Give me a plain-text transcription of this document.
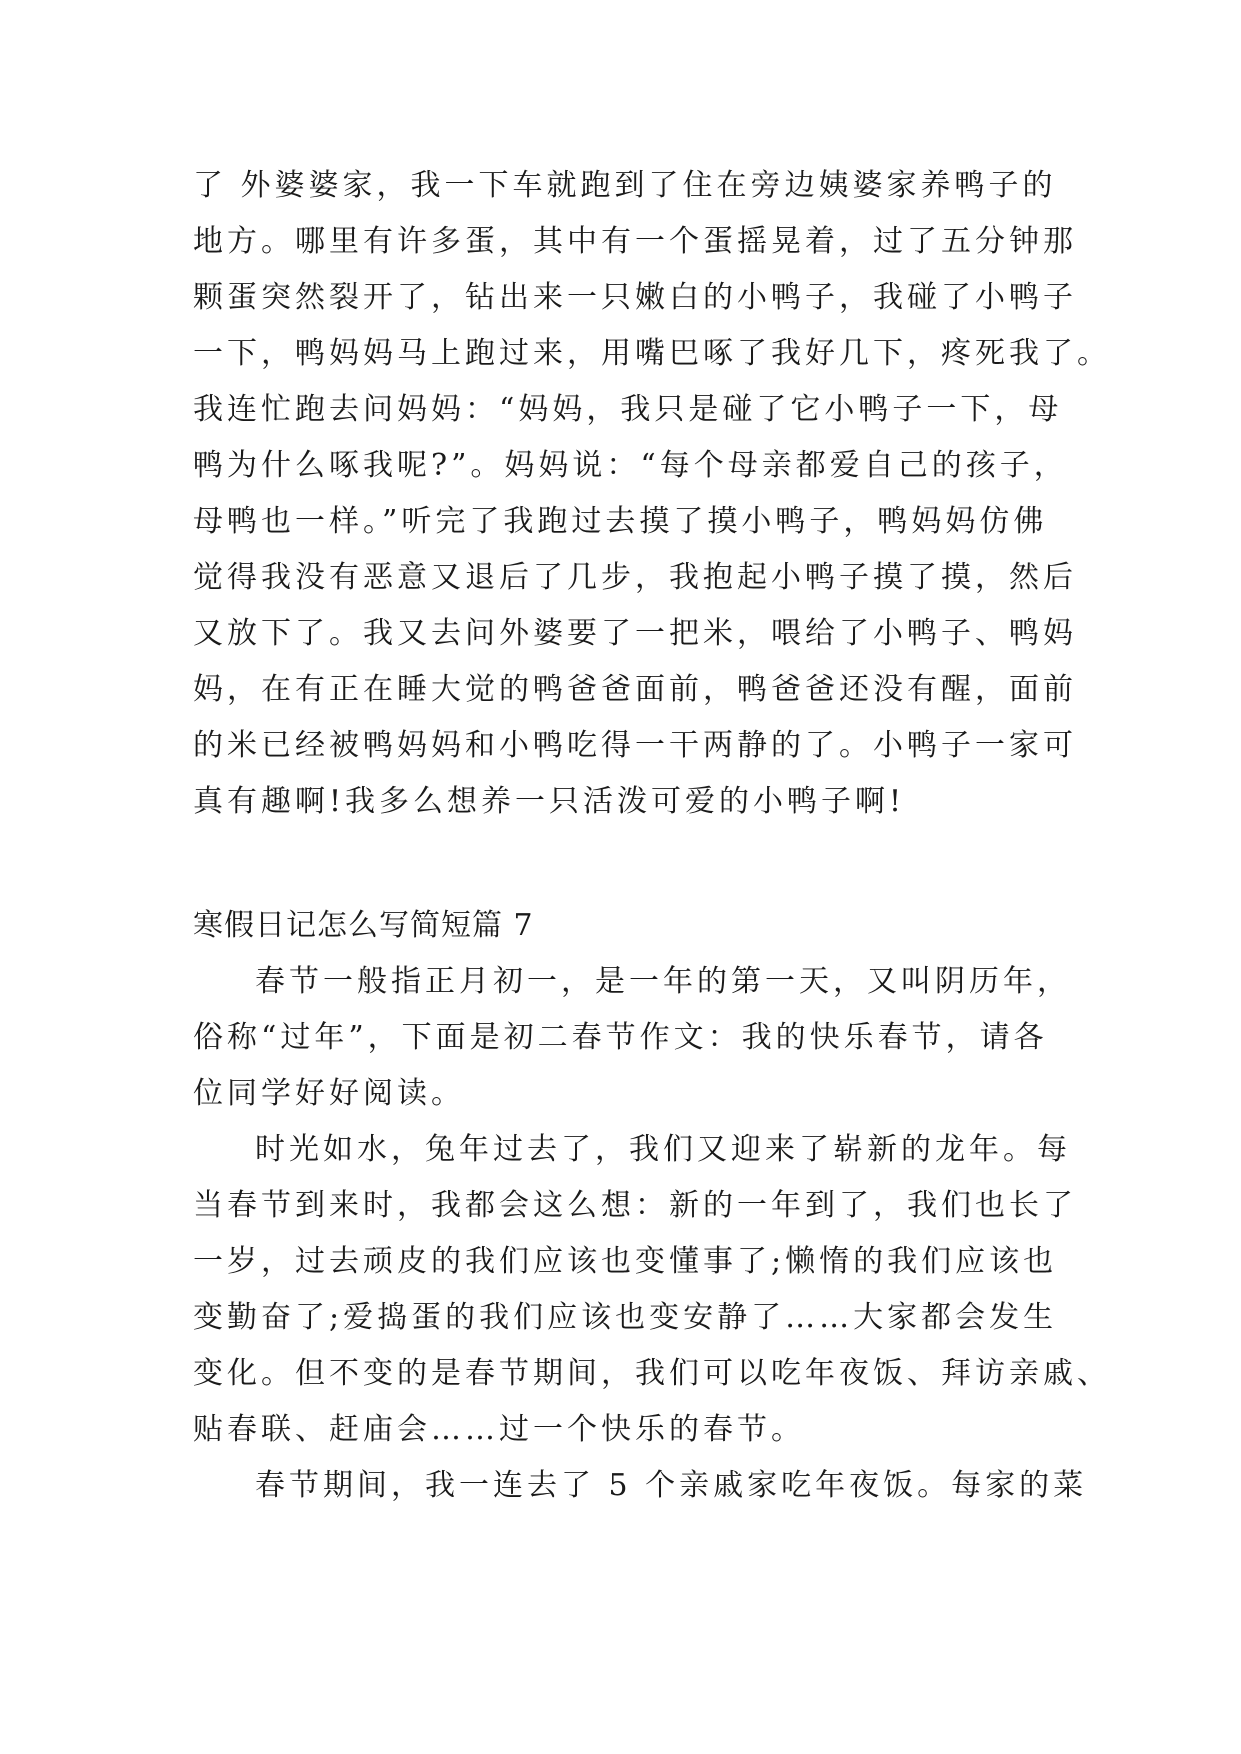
了 外婆婆家，我一下车就跑到了住在旁边姨婆家养鸭子的
地方。哪里有许多蛋，其中有一个蛋摇晃着，过了五分钟那
颗蛋突然裂开了，钻出来一只嫩白的小鸭子，我碰了小鸭子
一下，鸭妈妈马上跑过来，用嘴巴啄了我好几下，疼死我了。
我连忙跑去问妈妈：“妈妈，我只是碰了它小鸭子一下，母
鸭为什么啄我呢?”。妈妈说：“每个母亲都爱自己的孩子，
母鸭也一样。”听完了我跑过去摸了摸小鸭子，鸭妈妈仿佛
觉得我没有恶意又退后了几步，我抱起小鸭子摸了摸，然后
又放下了。我又去问外婆要了一把米，喂给了小鸭子、鸭妈
妈，在有正在睡大觉的鸭爸爸面前，鸭爸爸还没有醒，面前
的米已经被鸭妈妈和小鸭吃得一干两静的了。小鸭子一家可
真有趣啊!我多么想养一只活泼可爱的小鸭子啊!
寒假日记怎么写简短篇 7
春节一般指正月初一，是一年的第一天，又叫阴历年，
俗称“过年”，下面是初二春节作文：我的快乐春节，请各
位同学好好阅读。
时光如水，兔年过去了，我们又迎来了崭新的龙年。每
当春节到来时，我都会这么想：新的一年到了，我们也长了
一岁，过去顽皮的我们应该也变懂事了;懒惰的我们应该也
变勤奋了;爱捣蛋的我们应该也变安静了……大家都会发生
变化。但不变的是春节期间，我们可以吃年夜饭、拜访亲戚、
贴春联、赶庙会……过一个快乐的春节。
春节期间，我一连去了 5 个亲戚家吃年夜饭。每家的菜
